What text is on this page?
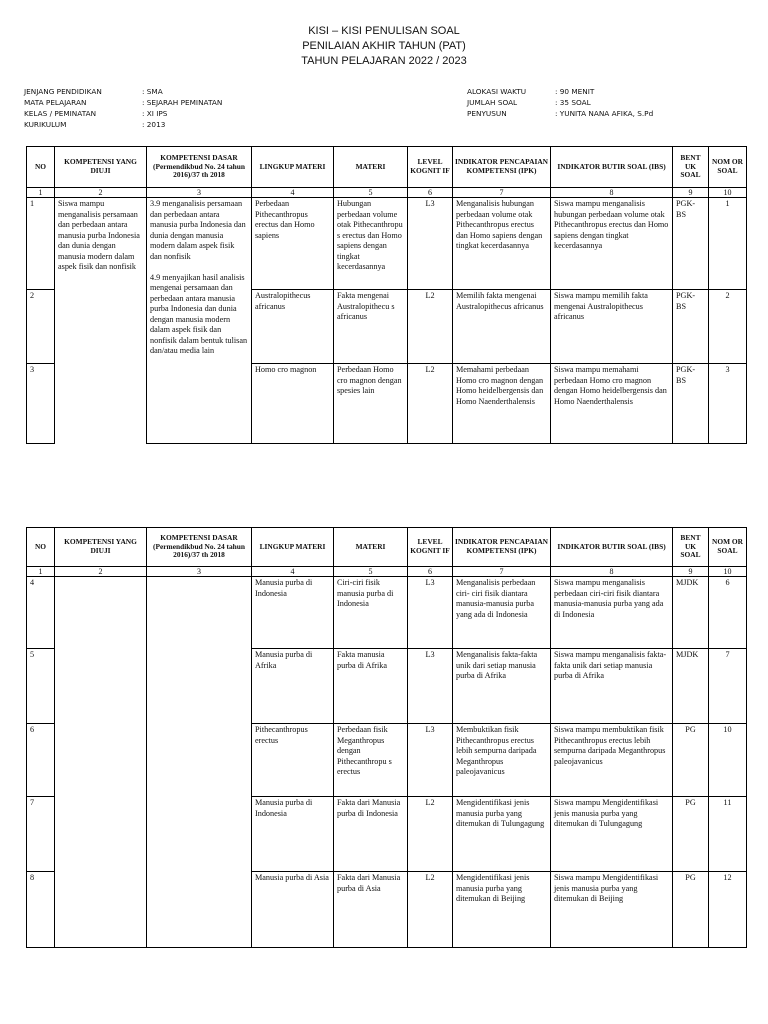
KISI – KISI PENULISAN SOAL
PENILAIAN AKHIR TAHUN (PAT)
TAHUN PELAJARAN 2022 / 2023
JENJANG PENDIDIKAN	: SMA
MATA PELAJARAN	: SEJARAH PEMINATAN
KELAS / PEMINATAN	: XI IPS
KURIKULUM	: 2013
ALOKASI WAKTU	: 90 MENIT
JUMLAH SOAL	: 35 SOAL
PENYUSUN	: YUNITA NANA AFIKA, S.Pd
NO	KOMPETENSI YANG DIUJI	KOMPETENSI DASAR (Permendikbud No. 24 tahun 2016)/37 th 2018	LINGKUP MATERI	MATERI	LEVEL KOGNIT IF	INDIKATOR PENCAPAIAN KOMPETENSI (IPK)	INDIKATOR BUTIR SOAL (IBS)	BENT UK SOAL	NOM OR SOAL
1	2	3	4	5	6	7	8	9	10
1	Siswa mampu menganalisis persamaan dan perbedaan antara manusia purba Indonesia dan dunia dengan manusia modern dalam aspek fisik dan nonfisik	3.9 menganalisis persamaan dan perbedaan antara manusia purba Indonesia dan dunia dengan manusia modern dalam aspek fisik dan nonfisik

4.9 menyajikan hasil analisis mengenai persamaan dan perbedaan antara manusia purba Indonesia dan dunia dengan manusia modern dalam aspek fisik dan nonfisik dalam bentuk tulisan dan/atau media lain	Perbedaan Pithecanthropus erectus dan Homo sapiens	Hubungan perbedaan volume otak Pithecanthropu s erectus dan Homo sapiens dengan tingkat kecerdasannya	L3	Menganalisis hubungan perbedaan volume otak Pithecanthropus erectus dan Homo sapiens dengan tingkat kecerdasannya	Siswa mampu menganalisis hubungan perbedaan volume otak Pithecanthropus erectus dan Homo sapiens dengan tingkat kecerdasannya	PGK-BS	1
2			Australopithecus africanus	Fakta mengenai Australopithecu s africanus	L2	Memilih fakta mengenai Australopithecus africanus	Siswa mampu memilih fakta mengenai Australopithecus africanus	PGK-BS	2
3			Homo cro magnon	Perbedaan Homo cro magnon dengan spesies lain	L2	Memahami perbedaan Homo cro magnon dengan Homo heidelbergensis dan Homo Naenderthalensis	Siswa mampu memahami perbedaan Homo cro magnon dengan Homo heidelbergensis dan Homo Naenderthalensis	PGK-BS	3
NO	KOMPETENSI YANG DIUJI	KOMPETENSI DASAR (Permendikbud No. 24 tahun 2016)/37 th 2018	LINGKUP MATERI	MATERI	LEVEL KOGNIT IF	INDIKATOR PENCAPAIAN KOMPETENSI (IPK)	INDIKATOR BUTIR SOAL (IBS)	BENT UK SOAL	NOM OR SOAL
1	2	3	4	5	6	7	8	9	10
4			Manusia purba di Indonesia	Ciri-ciri fisik manusia purba di Indonesia	L3	Menganalisis perbedaan ciri- ciri fisik diantara manusia-manusia purba yang ada di Indonesia	Siswa mampu menganalisis perbedaan ciri-ciri fisik diantara manusia-manusia purba yang ada di Indonesia	MJDK	6
5			Manusia purba di Afrika	Fakta manusia purba di Afrika	L3	Menganalisis fakta-fakta unik dari setiap manusia purba di Afrika	Siswa mampu menganalisis fakta-fakta unik dari setiap manusia purba di Afrika	MJDK	7
6			Pithecanthropus erectus	Perbedaan fisik Meganthropus dengan Pithecanthropu s erectus	L3	Membuktikan fisik Pithecanthropus erectus lebih sempurna daripada Meganthropus paleojavanicus	Siswa mampu membuktikan fisik Pithecanthropus erectus lebih sempurna daripada Meganthropus paleojavanicus	PG	10
7			Manusia purba di Indonesia	Fakta dari Manusia purba di Indonesia	L2	Mengidentifikasi jenis manusia purba yang ditemukan di Tulungagung	Siswa mampu Mengidentifikasi jenis manusia purba yang ditemukan di Tulungagung	PG	11
8			Manusia purba di Asia	Fakta dari Manusia purba di Asia	L2	Mengidentifikasi jenis manusia purba yang ditemukan di Beijing	Siswa mampu Mengidentifikasi jenis manusia purba yang ditemukan di Beijing	PG	12
